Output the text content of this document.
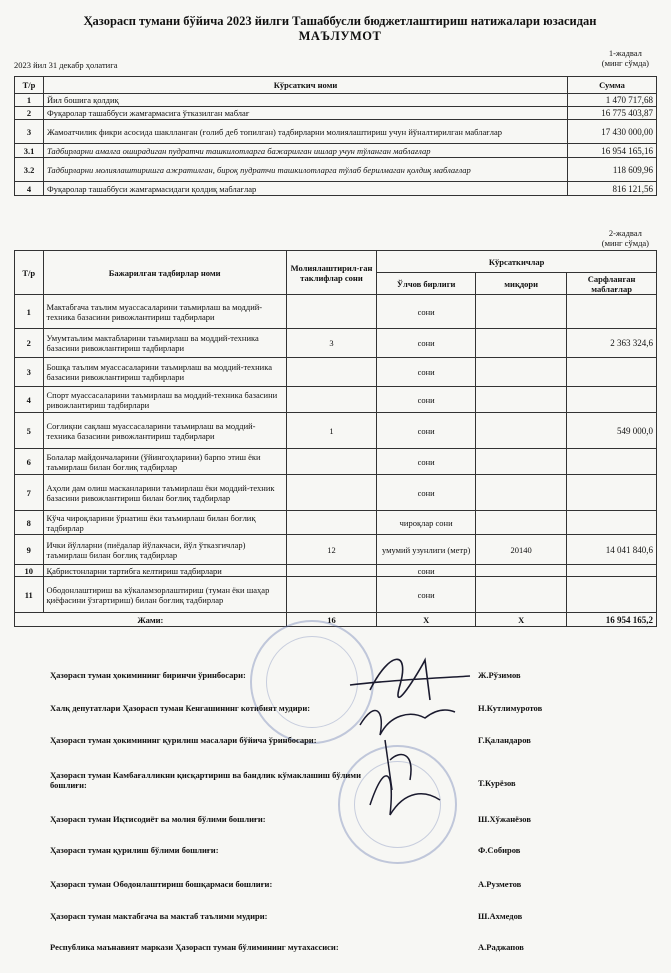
Ҳазорасп тумани бўйича 2023 йилги Ташаббусли бюджетлаштириш натижалари юзасидан
МАЪЛУМОТ
1-жадвал
(минг сўмда)
2023 йил 31 декабр ҳолатига
Т/р	Кўрсаткич номи	Сумма
1	Йил бошига қолдиқ	1 470 717,68
2	Фуқаролар ташаббуси жамғармасига ўтказилган маблағ	16 775 403,87
3	Жамоатчилик фикри асосида шаклланган (ғолиб деб топилган) тадбирларни молиялаштириш учун йўналтирилган маблағлар	17 430 000,00
3.1	Тадбирларни амалга оширадиган пудратчи ташкилотларга бажарилган ишлар учун тўланган маблағлар	16 954 165,16
3.2	Тадбирларни молиялаштиришга ажратилган, бироқ пудратчи ташкилотларга тўлаб берилмаган қолдиқ маблағлар	118 609,96
4	Фуқаролар ташаббуси жамғармасидаги қолдиқ маблағлар	816 121,56
2-жадвал
(минг сўмда)
Т/р	Бажарилган тадбирлар номи	Молиялаштирил-ган таклифлар сони	Кўрсаткичлар		
			Ўлчов бирлиги	миқдори	Сарфланган маблағлар
1	Мактабгача таълим муассасаларини таъмирлаш ва моддий-техника базасини ривожлантириш тадбирлари		сони		
2	Умумтаълим мактабларини таъмирлаш ва моддий-техника базасини ривожлантириш тадбирлари	3	сони		2 363 324,6
3	Бошқа таълим муассасаларини таъмирлаш ва моддий-техника базасини ривожлантириш тадбирлари		сони		
4	Спорт муассасаларини таъмирлаш ва моддий-техника базасини ривожлантириш тадбирлари		сони		
5	Соғлиқни сақлаш муассасаларини таъмирлаш ва моддий-техника базасини ривожлантириш тадбирлари	1	сони		549 000,0
6	Болалар майдончаларини (ўйингоҳларини) барпо этиш ёки таъмирлаш билан боғлиқ тадбирлар		сони		
7	Аҳоли дам олиш масканларини таъмирлаш ёки моддий-техник базасини ривожлантириш билан боғлиқ тадбирлар		сони		
8	Кўча чироқларини ўрнатиш ёки таъмирлаш билан боғлиқ тадбирлар		чироқлар сони		
9	Ички йўлларни (пиёдалар йўлакчаси, йўл ўтказгичлар) таъмирлаш билан боғлиқ тадбирлар	12	умумий узунлиги (метр)	20140	14 041 840,6
10	Қабристонларни тартибга келтириш тадбирлари		сони		
11	Ободонлаштириш ва кўкаламзорлаштириш (туман ёки шаҳар қиёфасини ўзгартириш) билан боғлиқ тадбирлар		сони		
Жами:		16	Х	Х	16 954 165,2
Ҳазорасп туман ҳокимининг биринчи ўринбосари:	Ж.Рўзимов
Халқ депутатлари Ҳазорасп туман Кенгашининг котибият мудири:	Н.Кутлимуротов
Ҳазорасп туман ҳокимининг қурилиш масалари бўйича ўринбосари:	Г.Қаландаров
Ҳазорасп туман Камбағалликни қисқартириш ва бандлик кўмаклашиш бўлими бошлиғи:	Т.Курёзов
Ҳазорасп туман Иқтисодиёт ва молия бўлими бошлиғи:	Ш.Хўжанёзов
Ҳазорасп туман қурилиш бўлими бошлиғи:	Ф.Собиров
Ҳазорасп туман Ободонлаштириш бошқармаси бошлиғи:	А.Рузметов
Ҳазорасп туман мактабгача ва мактаб таълими мудири:	Ш.Ахмедов
Республика маънавият маркази Ҳазорасп туман бўлимининг мутахассиси:	А.Раджапов
